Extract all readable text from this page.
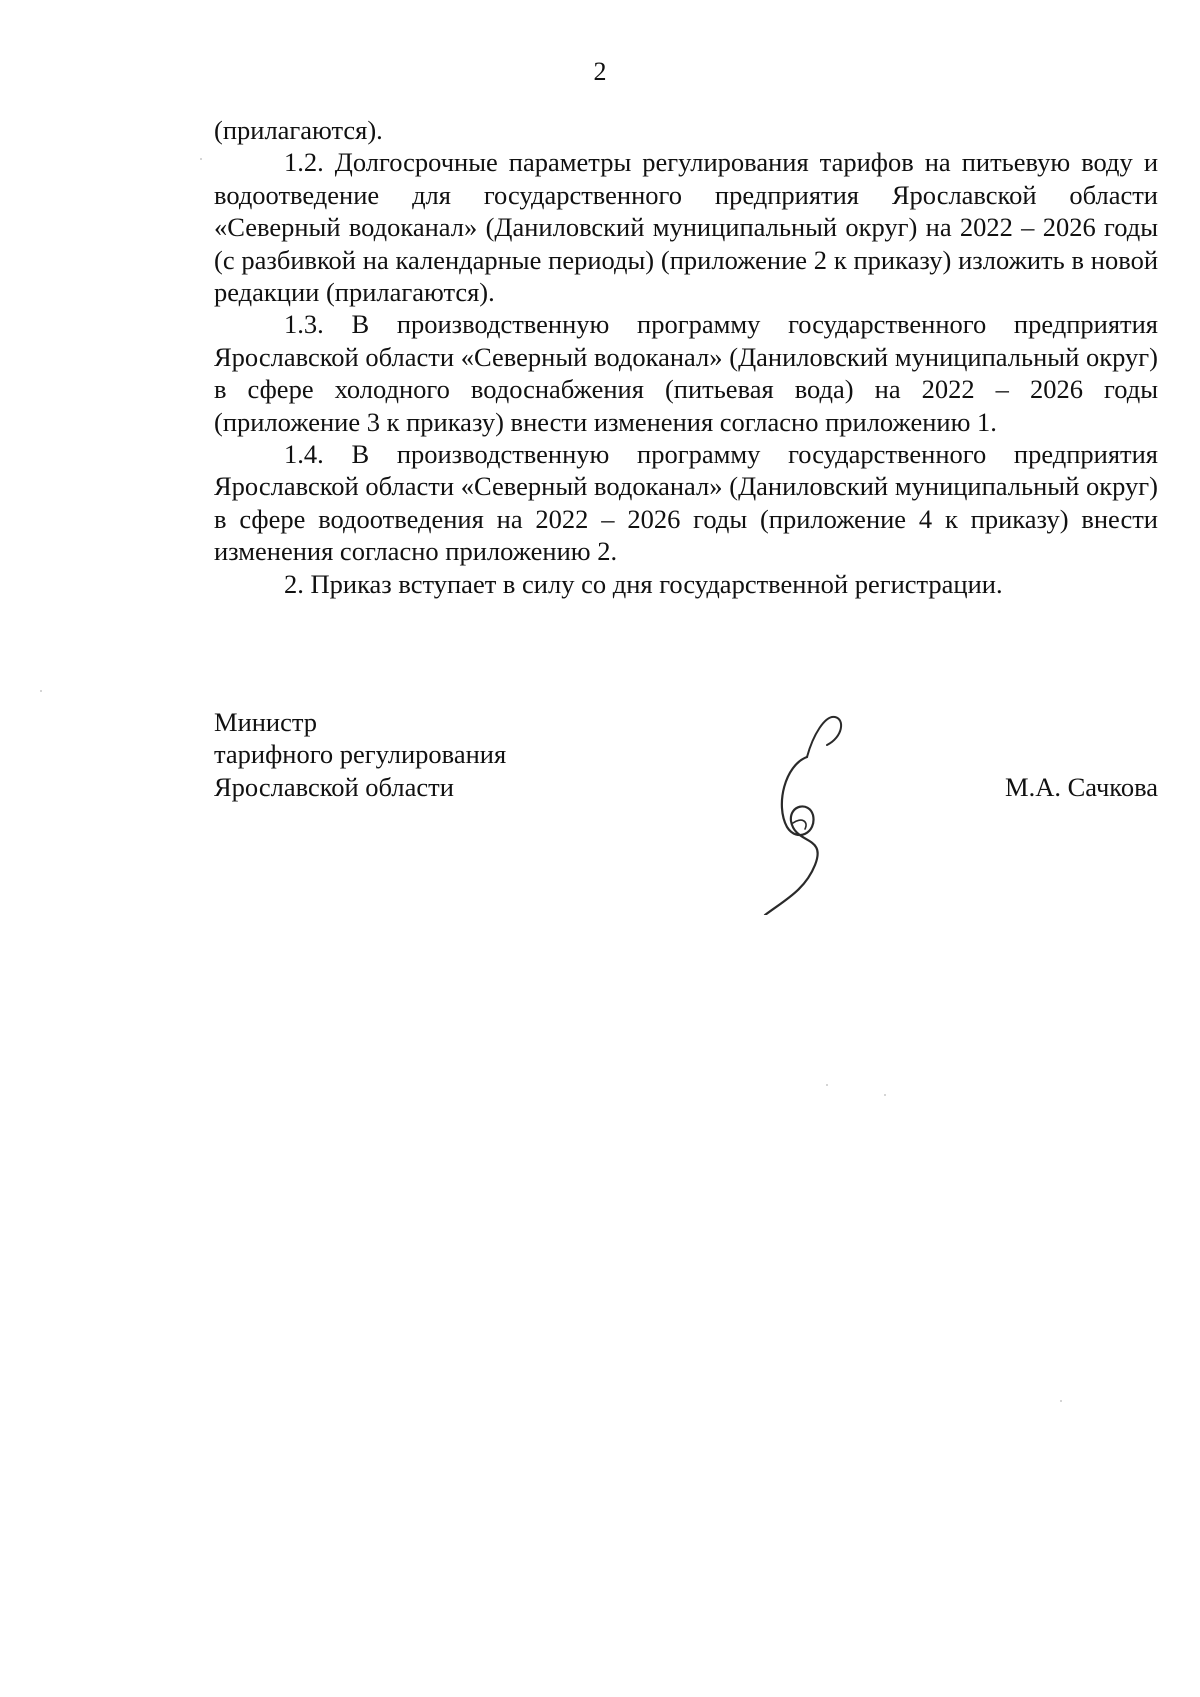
2

(прилагаются).

1.2. Долгосрочные параметры регулирования тарифов на питьевую воду и водоотведение для государственного предприятия Ярославской области «Северный водоканал» (Даниловский муниципальный округ) на 2022 – 2026 годы (с разбивкой на календарные периоды) (приложение 2 к приказу) изложить в новой редакции (прилагаются).

1.3. В производственную программу государственного предприятия Ярославской области «Северный водоканал» (Даниловский муниципальный округ) в сфере холодного водоснабжения (питьевая вода) на 2022 – 2026 годы (приложение 3 к приказу) внести изменения согласно приложению 1.

1.4. В производственную программу государственного предприятия Ярославской области «Северный водоканал» (Даниловский муниципальный округ) в сфере водоотведения на 2022 – 2026 годы (приложение 4 к приказу) внести изменения согласно приложению 2.

2. Приказ вступает в силу со дня государственной регистрации.

Министр
тарифного регулирования
Ярославской области	М.А. Сачкова
